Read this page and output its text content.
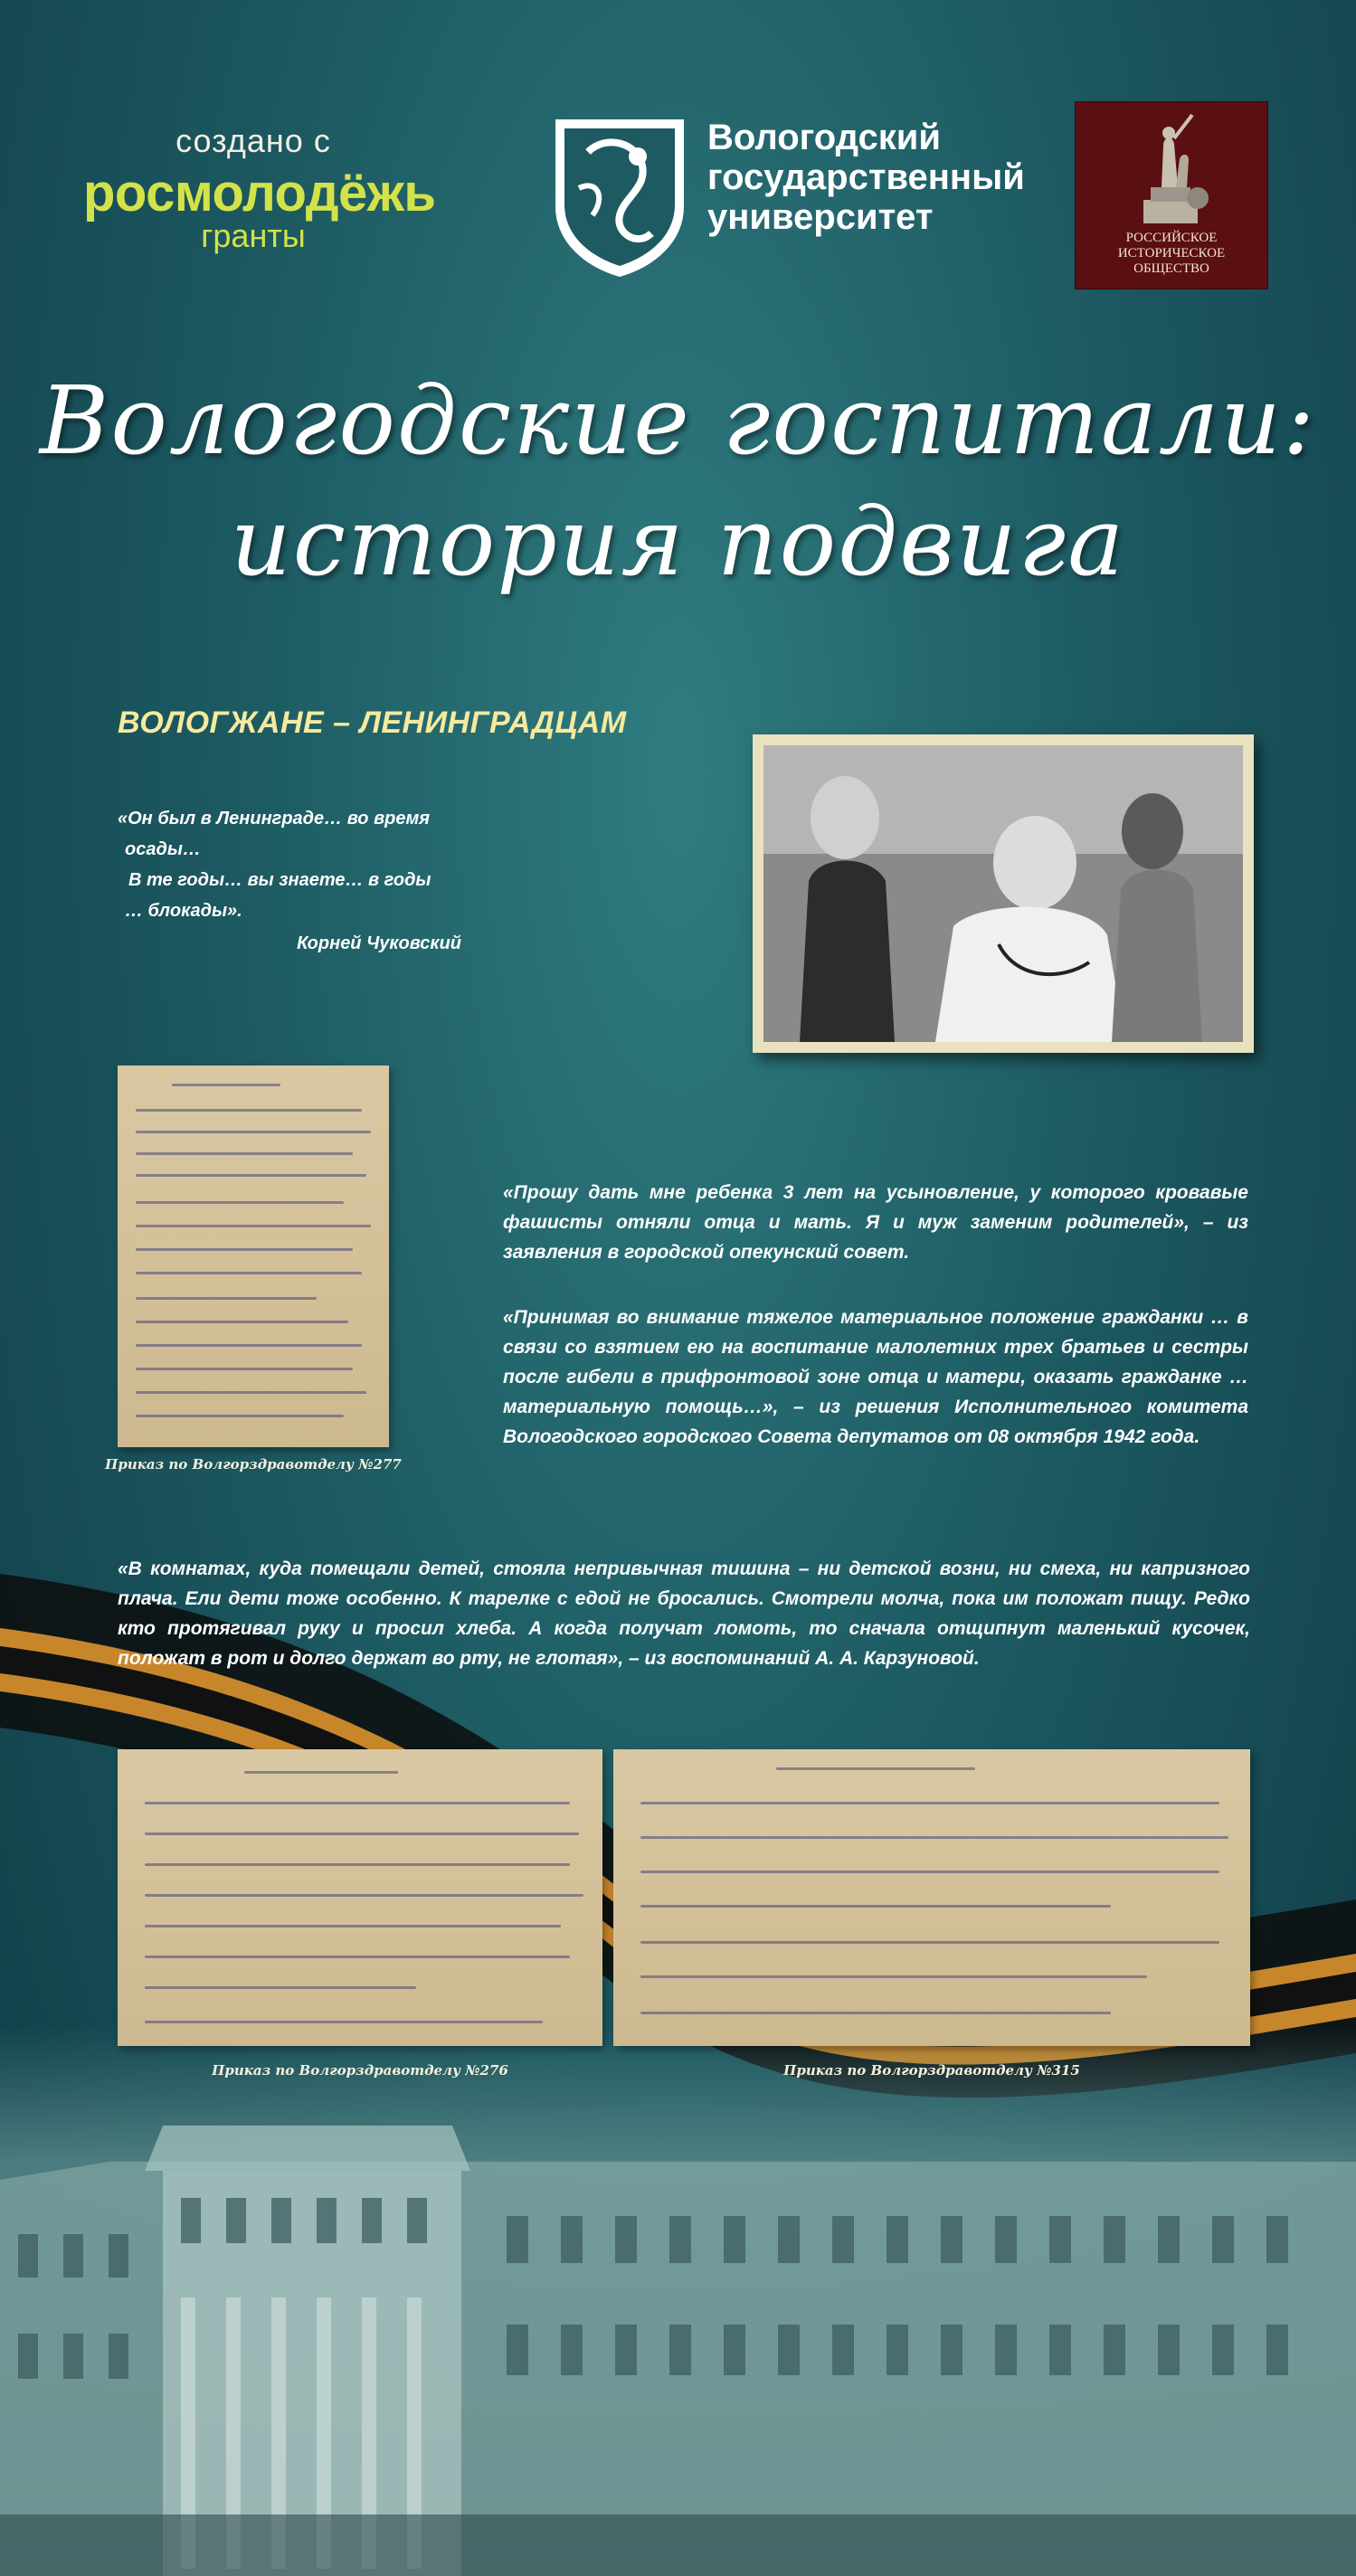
создано с
росмолодёжь
гранты
Вологодский
государственный
университет
РОССИЙСКОЕ
ИСТОРИЧЕСКОЕ
ОБЩЕСТВО
Вологодские госпитали:
история подвига
ВОЛОГЖАНЕ – ЛЕНИНГРАДЦАМ
«Он был в Ленинграде… во время
осады…
В те годы… вы знаете… в годы
… блокады».
Корней Чуковский
Приказ по Волгорздравотделу №277
«Прошу дать мне ребенка 3 лет на усыновление, у которого кровавые фашисты отняли отца и мать. Я и муж заменим родителей», – из заявления в городской опекунский совет.
«Принимая во внимание тяжелое материальное положение гражданки … в связи со взятием ею на воспитание малолетних трех братьев и сестры после гибели в прифронтовой зоне отца и матери, оказать гражданке … материальную помощь…», – из решения Исполнительного комитета Вологодского городского Совета депутатов от 08 октября 1942 года.
«В комнатах, куда помещали детей, стояла непривычная тишина – ни детской возни, ни смеха, ни капризного плача. Ели дети тоже особенно. К тарелке с едой не бросались. Смотрели молча, пока им положат пищу. Редко кто протягивал руку и просил хлеба. А когда получат ломоть, то сначала отщипнут маленький кусочек, положат в рот и долго держат во рту, не глотая», – из воспоминаний А. А. Карзуновой.
Приказ по Волгорздравотделу №276	Приказ по Волгорздравотделу №315
